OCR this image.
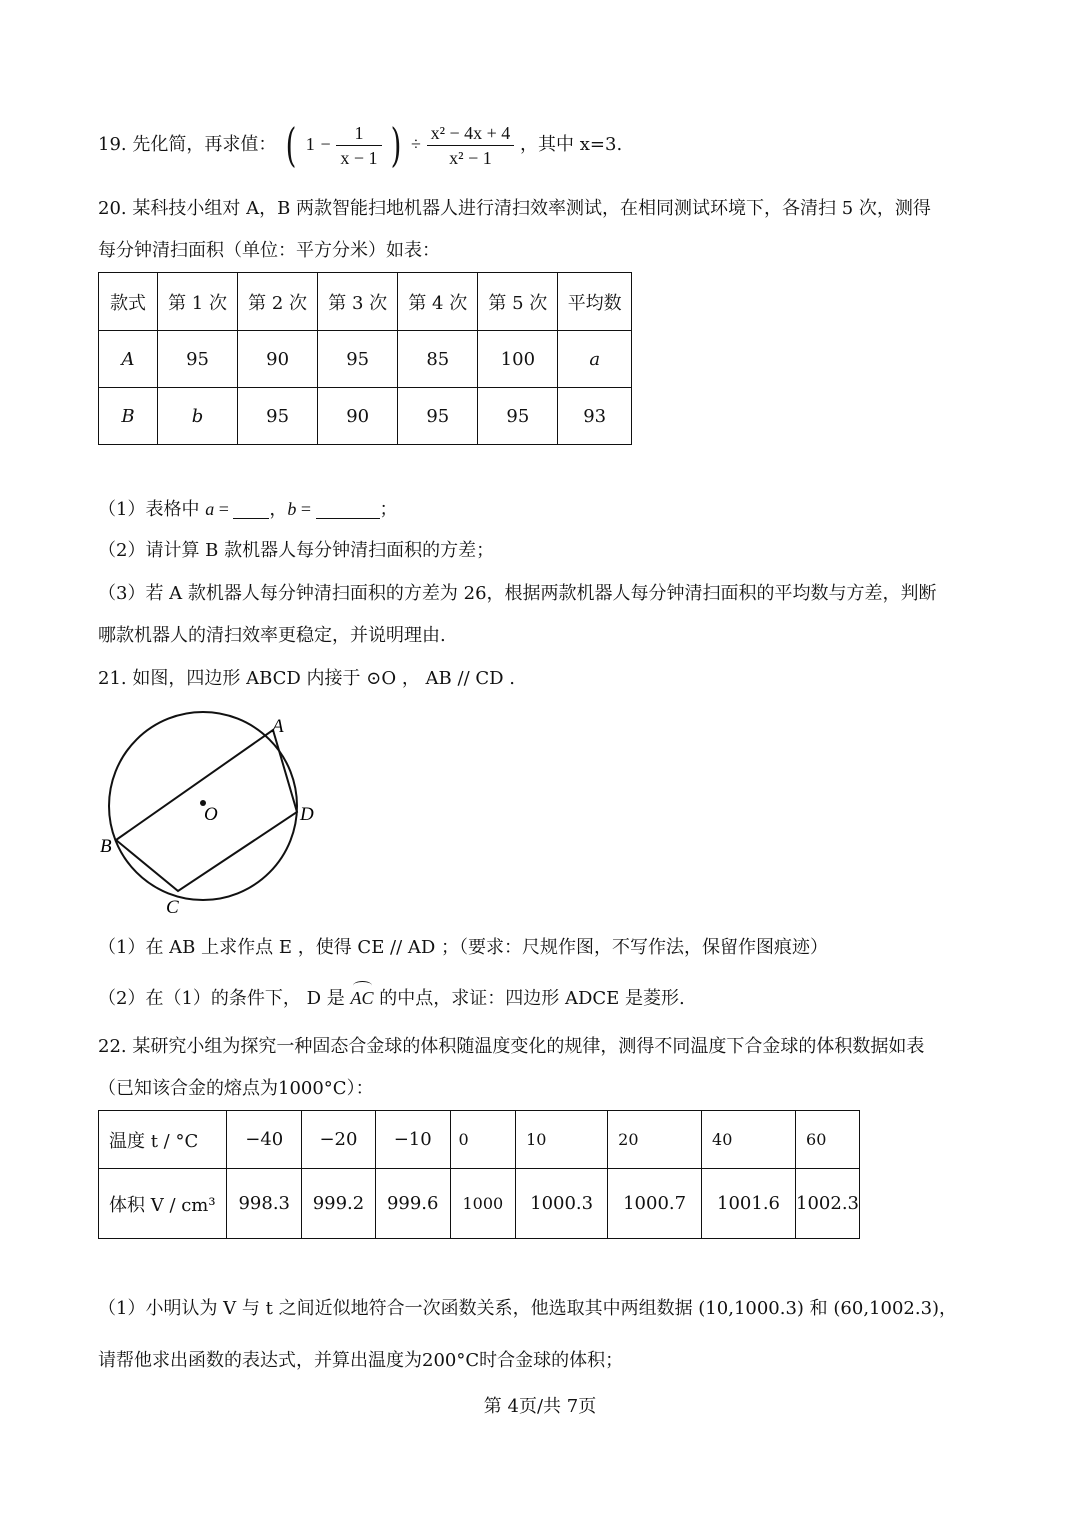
19. 先化简，再求值： ( $1 - \frac{1}{x - 1}$ ) ÷ $\frac{\text{x² − 4x + 4}}{\text{x² − 1}}$ ，其中 x=3.
20. 某科技小组对 A，B 两款智能扫地机器人进行清扫效率测试，在相同测试环境下，各清扫 5 次，测得
每分钟清扫面积（单位：平方分米）如表：
款式	第 1 次	第 2 次	第 3 次	第 4 次	第 5 次	平均数
A	95	90	95	85	100	a
B	b	95	90	95	95	93
（1）表格中 a = ，b =	；
（2）请计算 B 款机器人每分钟清扫面积的方差；
（3）若 A 款机器人每分钟清扫面积的方差为 26，根据两款机器人每分钟清扫面积的平均数与方差，判断
哪款机器人的清扫效率更稳定，并说明理由.
21. 如图，四边形 ABCD 内接于 ⊙O ， AB // CD .
A
D
B
C
O
（1）在 AB 上求作点 E ，使得 CE // AD ；（要求：尺规作图，不写作法，保留作图痕迹）
（2）在（1）的条件下， D 是 AC 的中点，求证：四边形 ADCE 是菱形.
22. 某研究小组为探究一种固态合金球的体积随温度变化的规律，测得不同温度下合金球的体积数据如表
（已知该合金的熔点为1000°C）：
温度 t / °C	−40	−20	−10	0	10	20	40	60
体积 V / cm³	998.3	999.2	999.6	1000	1000.3	1000.7	1001.6	1002.3
（1）小明认为 V 与 t 之间近似地符合一次函数关系，他选取其中两组数据 (10,1000.3) 和 (60,1002.3)，
请帮他求出函数的表达式，并算出温度为200°C时合金球的体积；
第 4页/共 7页
